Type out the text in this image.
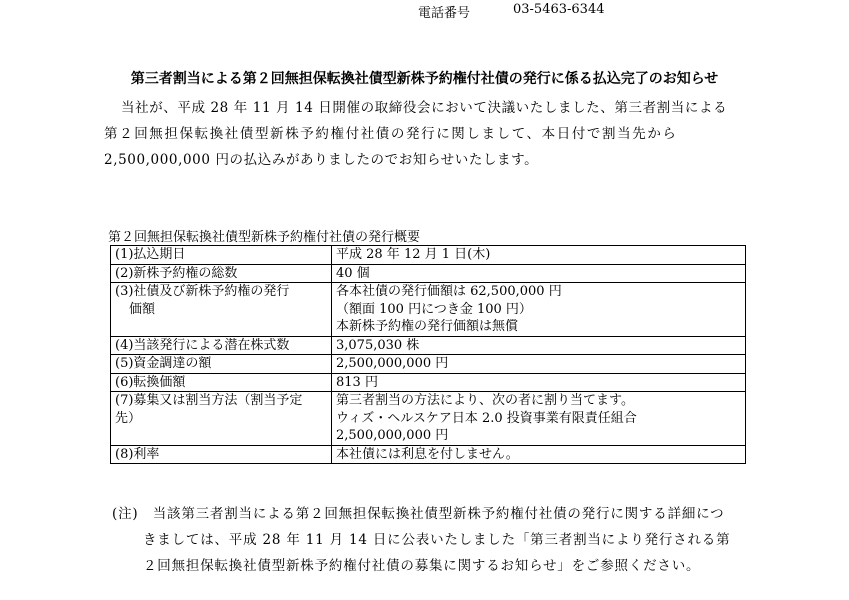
電話番号	03-5463-6344
第三者割当による第２回無担保転換社債型新株予約権付社債の発行に係る払込完了のお知らせ
当社が、平成 28 年 11 月 14 日開催の取締役会において決議いたしました、第三者割当による
第２回無担保転換社債型新株予約権付社債の発行に関しまして、本日付で割当先から
2,500,000,000 円の払込みがありましたのでお知らせいたします。
第２回無担保転換社債型新株予約権付社債の発行概要
(1)払込期日	平成 28 年 12 月 1 日(木)

(2)新株予約権の総数	40 個

(3)社債及び新株予約権の発行
価額	各本社債の発行価額は 62,500,000 円
（額面 100 円につき金 100 円）
本新株予約権の発行価額は無償

(4)当該発行による潜在株式数	3,075,030 株

(5)資金調達の額	2,500,000,000 円

(6)転換価額	813 円

(7)募集又は割当方法（割当予定
先）	第三者割当の方法により、次の者に割り当てます。
ウィズ・ヘルスケア日本 2.0 投資事業有限責任組合
2,500,000,000 円

(8)利率	本社債には利息を付しません。
(注)　当該第三者割当による第２回無担保転換社債型新株予約権付社債の発行に関する詳細につ
きましては、平成 28 年 11 月 14 日に公表いたしました「第三者割当により発行される第
２回無担保転換社債型新株予約権付社債の募集に関するお知らせ」をご参照ください。
